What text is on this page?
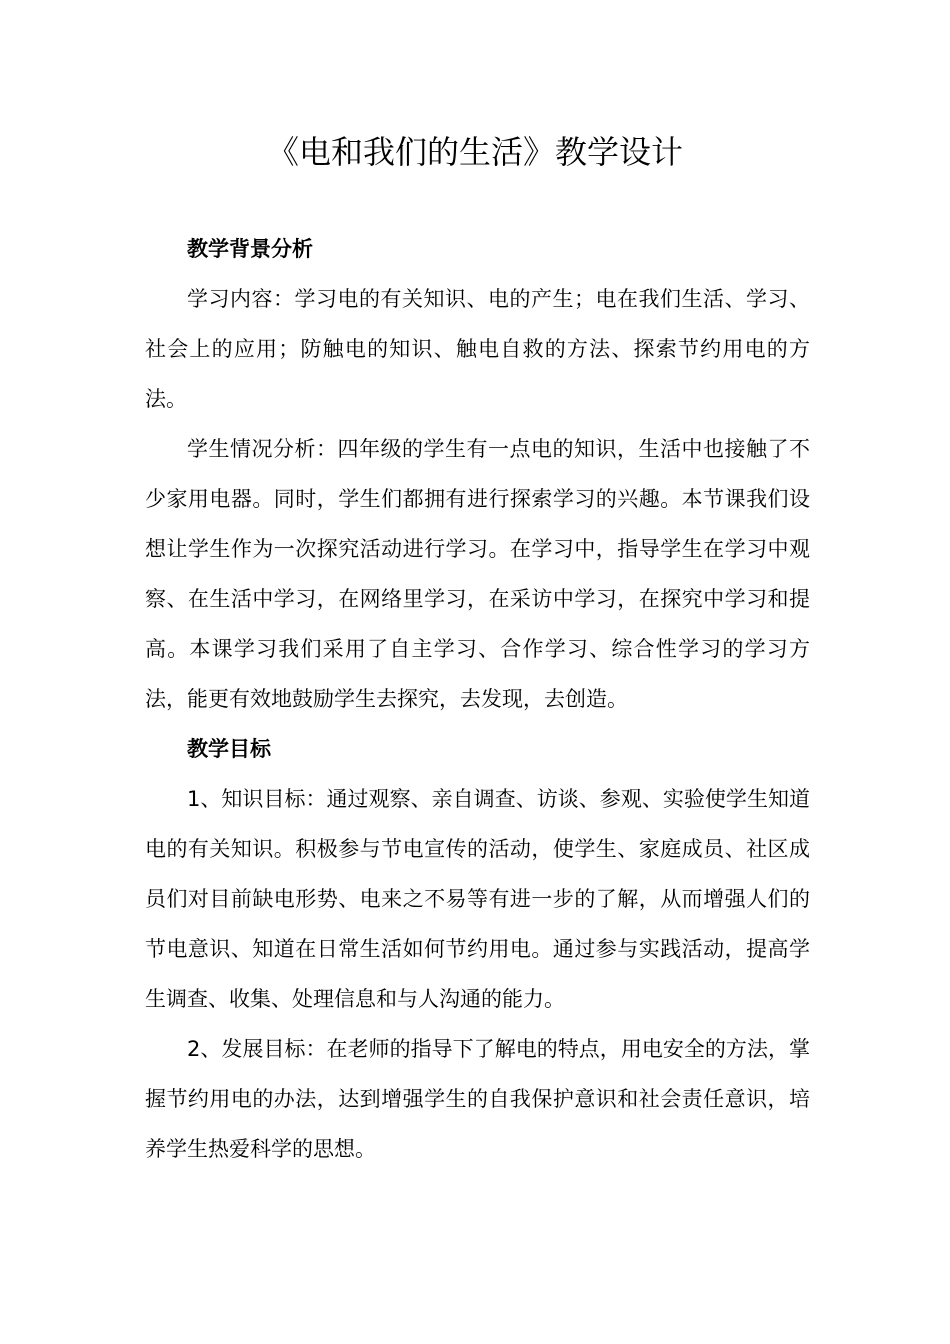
《电和我们的生活》教学设计

教学背景分析

学习内容：学习电的有关知识、电的产生；电在我们生活、学习、社会上的应用；防触电的知识、触电自救的方法、探索节约用电的方法。

学生情况分析：四年级的学生有一点电的知识，生活中也接触了不少家用电器。同时，学生们都拥有进行探索学习的兴趣。本节课我们设想让学生作为一次探究活动进行学习。在学习中，指导学生在学习中观察、在生活中学习，在网络里学习，在采访中学习，在探究中学习和提高。本课学习我们采用了自主学习、合作学习、综合性学习的学习方法，能更有效地鼓励学生去探究，去发现，去创造。

教学目标

1、知识目标：通过观察、亲自调查、访谈、参观、实验使学生知道电的有关知识。积极参与节电宣传的活动，使学生、家庭成员、社区成员们对目前缺电形势、电来之不易等有进一步的了解，从而增强人们的节电意识、知道在日常生活如何节约用电。通过参与实践活动，提高学生调查、收集、处理信息和与人沟通的能力。

2、发展目标：在老师的指导下了解电的特点，用电安全的方法，掌握节约用电的办法，达到增强学生的自我保护意识和社会责任意识，培养学生热爱科学的思想。
